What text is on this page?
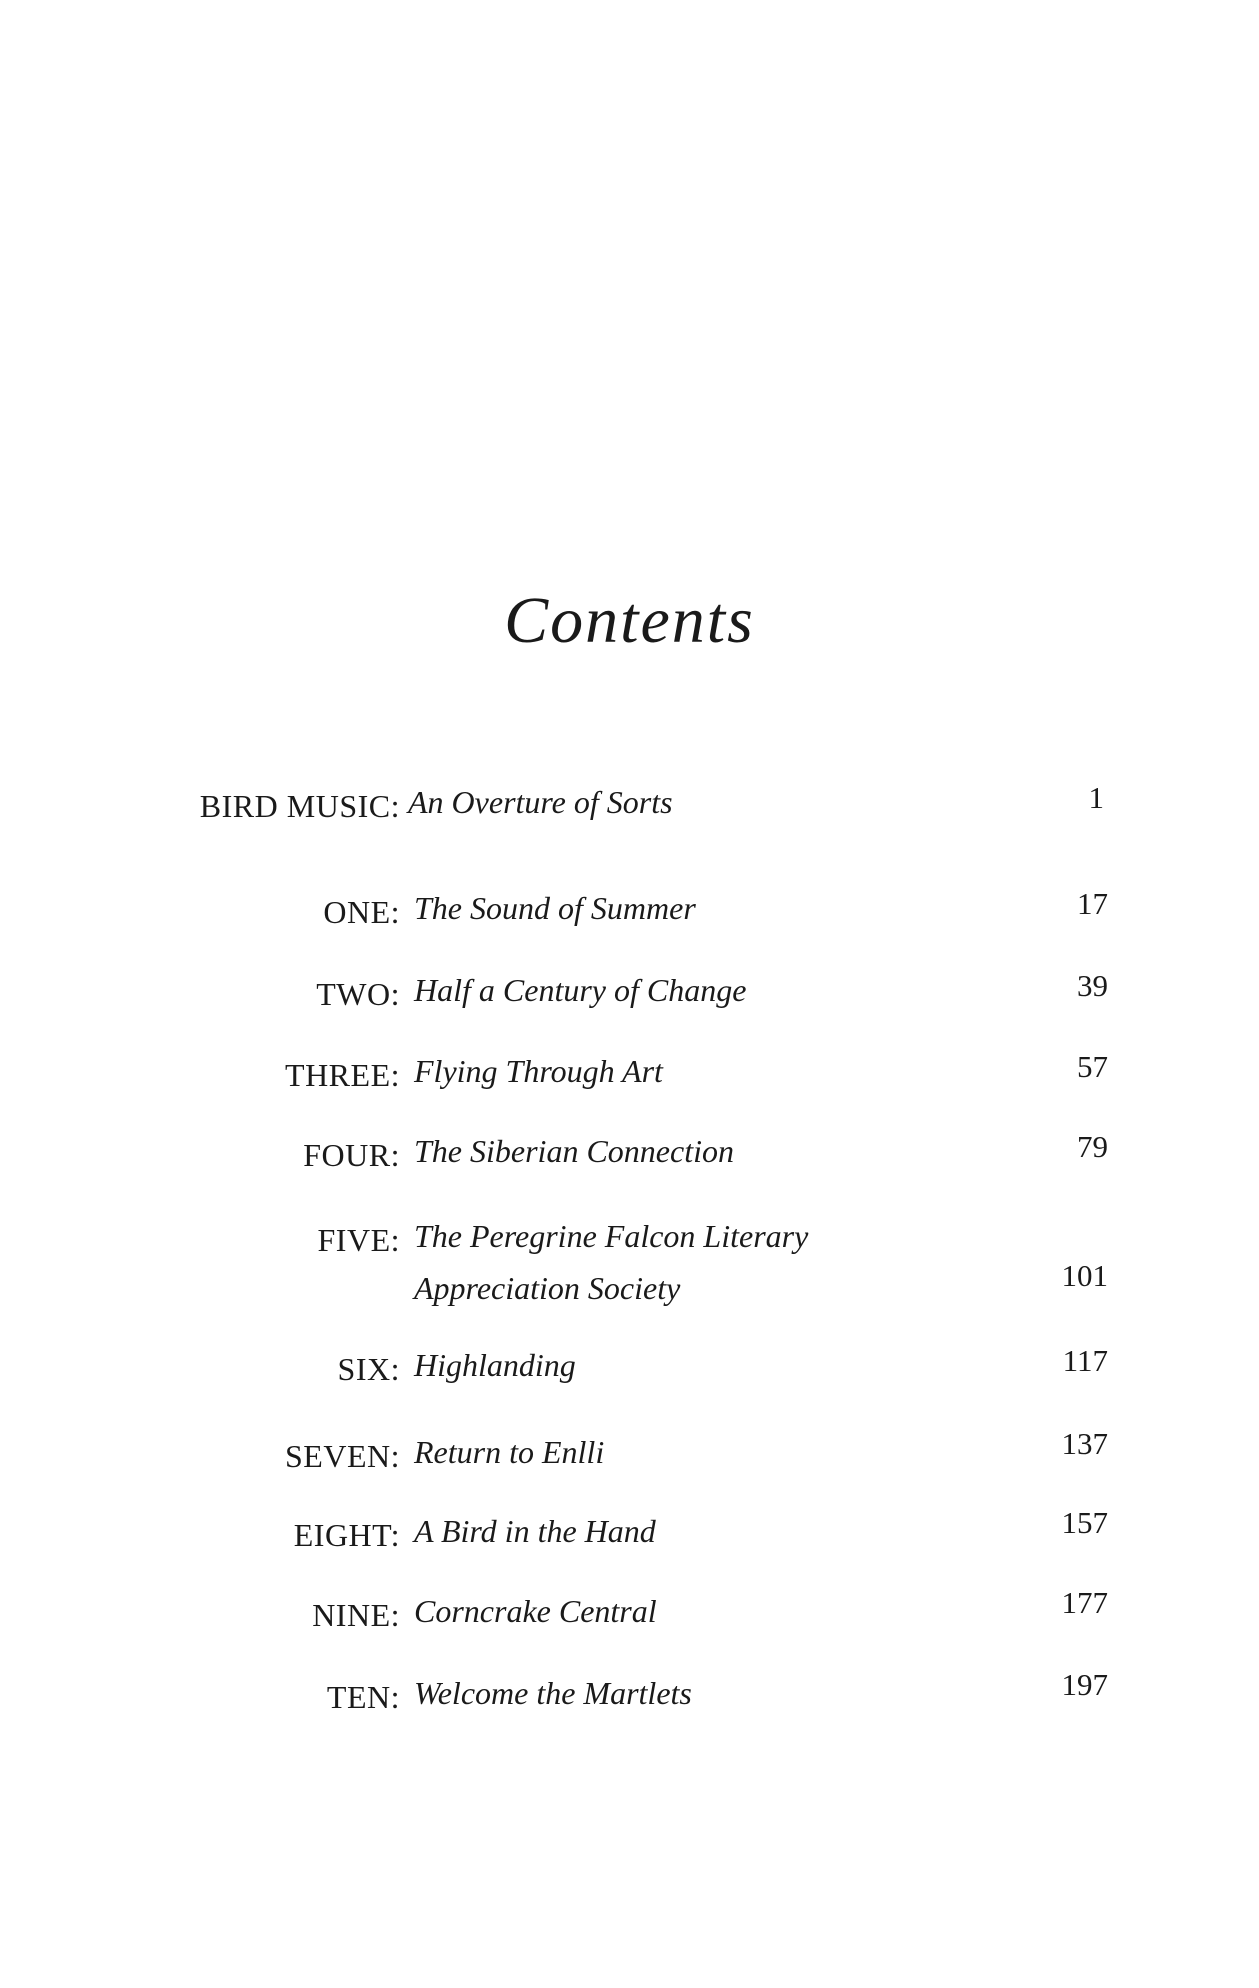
Contents
BIRD MUSIC: An Overture of Sorts	1
ONE: The Sound of Summer	17
TWO: Half a Century of Change	39
THREE: Flying Through Art	57
FOUR: The Siberian Connection	79
FIVE: The Peregrine Falcon Literary Appreciation Society	101
SIX: Highlanding	117
SEVEN: Return to Enlli	137
EIGHT: A Bird in the Hand	157
NINE: Corncrake Central	177
TEN: Welcome the Martlets	197
